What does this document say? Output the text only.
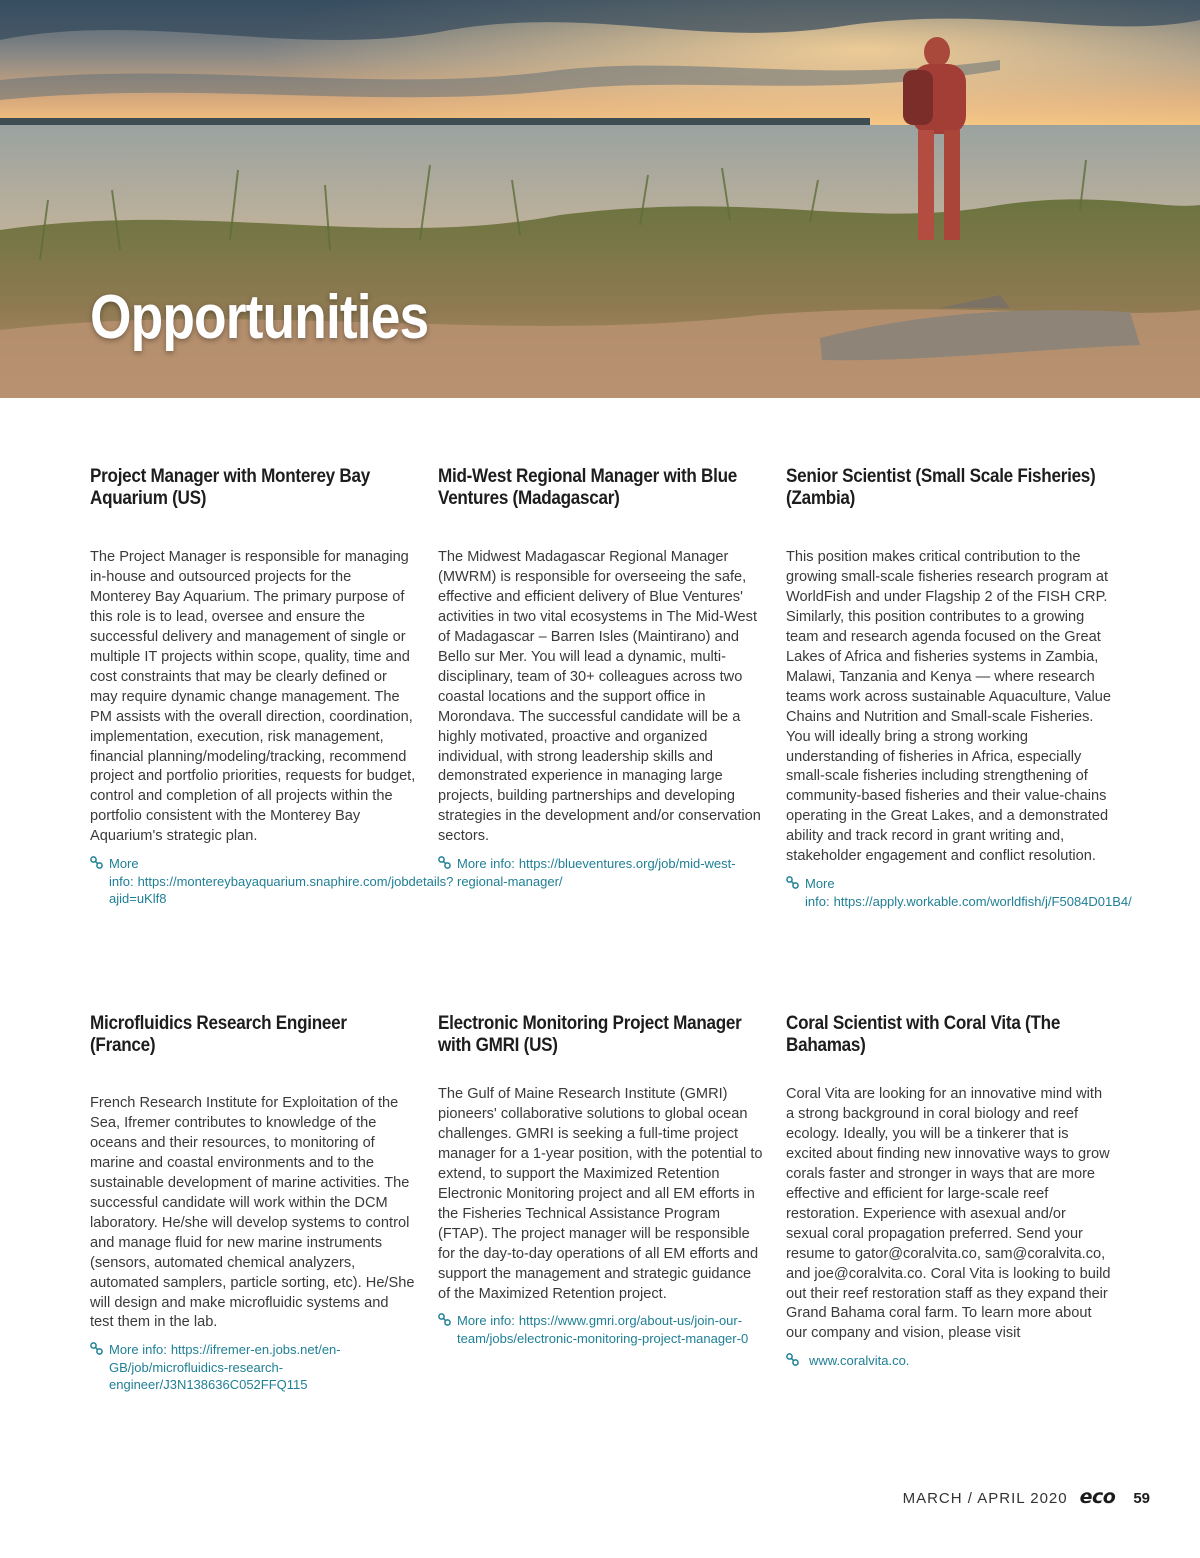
Opportunities
Project Manager with Monterey Bay Aquarium (US)

The Project Manager is responsible for managing in-house and outsourced projects for the Monterey Bay Aquarium. The primary purpose of this role is to lead, oversee and ensure the successful delivery and management of single or multiple IT projects within scope, quality, time and cost constraints that may be clearly defined or may require dynamic change management. The PM assists with the overall direction, coordination, implementation, execution, risk management, financial planning/modeling/tracking, recommend project and portfolio priorities, requests for budget, control and completion of all projects within the portfolio consistent with the Monterey Bay Aquarium's strategic plan.

More info: https://montereybayaquarium.snaphire.com/jobdetails?ajid=uKlf8
Mid-West Regional Manager with Blue Ventures (Madagascar)

The Midwest Madagascar Regional Manager (MWRM) is responsible for overseeing the safe, effective and efficient delivery of Blue Ventures' activities in two vital ecosystems in The Mid-West of Madagascar – Barren Isles (Maintirano) and Bello sur Mer. You will lead a dynamic, multi-disciplinary, team of 30+ colleagues across two coastal locations and the support office in Morondava. The successful candidate will be a highly motivated, proactive and organized individual, with strong leadership skills and demonstrated experience in managing large projects, building partnerships and developing strategies in the development and/or conservation sectors.

More info: https://blueventures.org/job/mid-west-regional-manager/
Senior Scientist (Small Scale Fisheries) (Zambia)

This position makes critical contribution to the growing small-scale fisheries research program at WorldFish and under Flagship 2 of the FISH CRP. Similarly, this position contributes to a growing team and research agenda focused on the Great Lakes of Africa and fisheries systems in Zambia, Malawi, Tanzania and Kenya — where research teams work across sustainable Aquaculture, Value Chains and Nutrition and Small-scale Fisheries. You will ideally bring a strong working understanding of fisheries in Africa, especially small-scale fisheries including strengthening of community-based fisheries and their value-chains operating in the Great Lakes, and a demonstrated ability and track record in grant writing and, stakeholder engagement and conflict resolution.

More info: https://apply.workable.com/worldfish/j/F5084D01B4/
Microfluidics Research Engineer (France)

French Research Institute for Exploitation of the Sea, Ifremer contributes to knowledge of the oceans and their resources, to monitoring of marine and coastal environments and to the sustainable development of marine activities. The successful candidate will work within the DCM laboratory. He/she will develop systems to control and manage fluid for new marine instruments (sensors, automated chemical analyzers, automated samplers, particle sorting, etc). He/She will design and make microfluidic systems and test them in the lab.

More info: https://ifremer-en.jobs.net/en-GB/job/microfluidics-research-engineer/J3N138636C052FFQ115
Electronic Monitoring Project Manager with GMRI (US)

The Gulf of Maine Research Institute (GMRI) pioneers' collaborative solutions to global ocean challenges. GMRI is seeking a full-time project manager for a 1-year position, with the potential to extend, to support the Maximized Retention Electronic Monitoring project and all EM efforts in the Fisheries Technical Assistance Program (FTAP). The project manager will be responsible for the day-to-day operations of all EM efforts and support the management and strategic guidance of the Maximized Retention project.

More info: https://www.gmri.org/about-us/join-our-team/jobs/electronic-monitoring-project-manager-0
Coral Scientist with Coral Vita (The Bahamas)

Coral Vita are looking for an innovative mind with a strong background in coral biology and reef ecology. Ideally, you will be a tinkerer that is excited about finding new innovative ways to grow corals faster and stronger in ways that are more effective and efficient for large-scale reef restoration. Experience with asexual and/or sexual coral propagation preferred. Send your resume to gator@coralvita.co, sam@coralvita.co, and joe@coralvita.co. Coral Vita is looking to build out their reef restoration staff as they expand their Grand Bahama coral farm. To learn more about our company and vision, please visit

www.coralvita.co.
MARCH / APRIL 2020 eco 59
